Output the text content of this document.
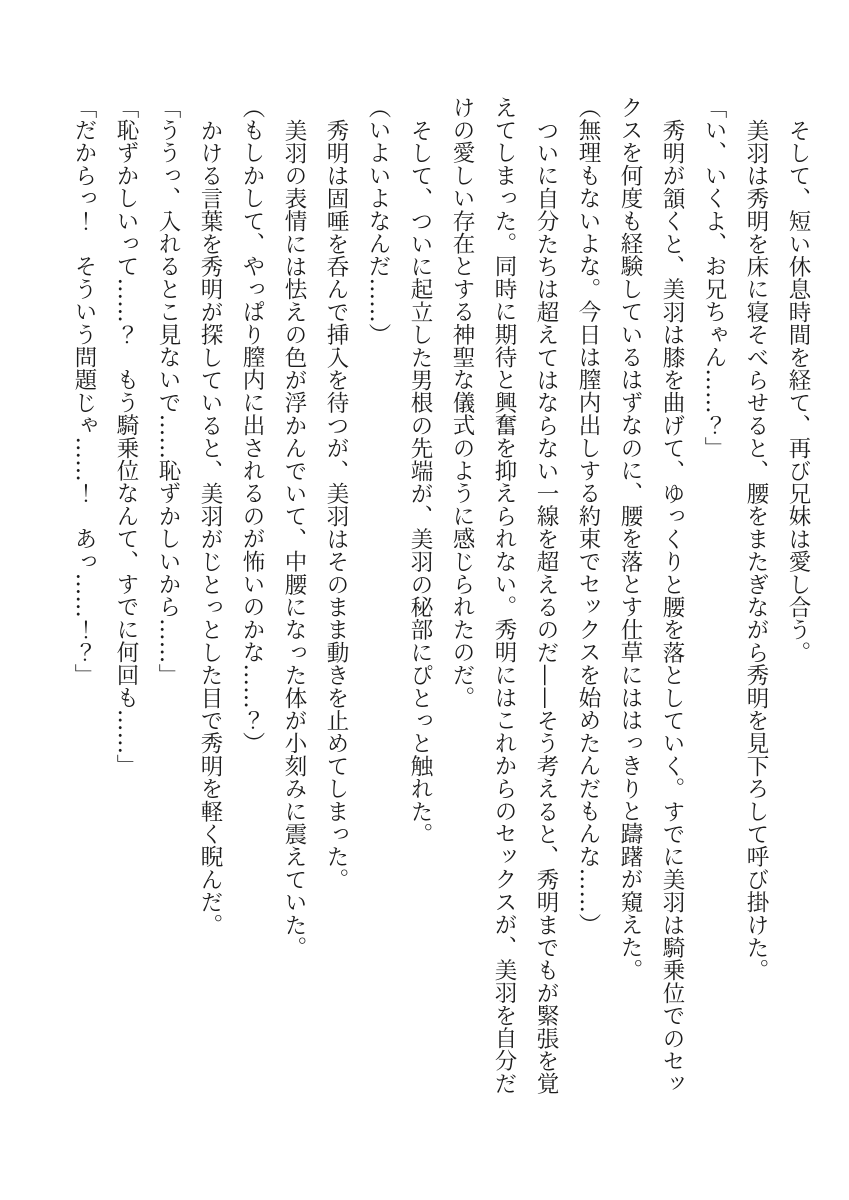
そして、短い休息時間を経て、再び兄妹は愛し合う。

美羽は秀明を床に寝そべらせると、腰をまたぎながら秀明を見下ろして呼び掛けた。

「い、いくよ、お兄ちゃん……？」

秀明が頷くと、美羽は膝を曲げて、ゆっくりと腰を落としていく。すでに美羽は騎乗位でのセックスを何度も経験しているはずなのに、腰を落とす仕草にははっきりと躊躇が窺えた。

（無理もないよな。今日は膣内出しする約束でセックスを始めたんだもんな……）

ついに自分たちは超えてはならない一線を超えるのだ——そう考えると、秀明までもが緊張を覚えてしまった。同時に期待と興奮を抑えられない。秀明にはこれからのセックスが、美羽を自分だけの愛しい存在とする神聖な儀式のように感じられたのだ。

そして、ついに起立した男根の先端が、美羽の秘部にぴとっと触れた。

（いよいよなんだ……）

秀明は固唾を呑んで挿入を待つが、美羽はそのまま動きを止めてしまった。

美羽の表情には怯えの色が浮かんでいて、中腰になった体が小刻みに震えていた。

（もしかして、やっぱり膣内に出されるのが怖いのかな……？）

かける言葉を秀明が探していると、美羽がじとっとした目で秀明を軽く睨んだ。

「ううっ、入れるとこ見ないで……恥ずかしいから……」

「恥ずかしいって……？　もう騎乗位なんて、すでに何回も……」

「だからっ！　そういう問題じゃ……！　あっ……！？」
